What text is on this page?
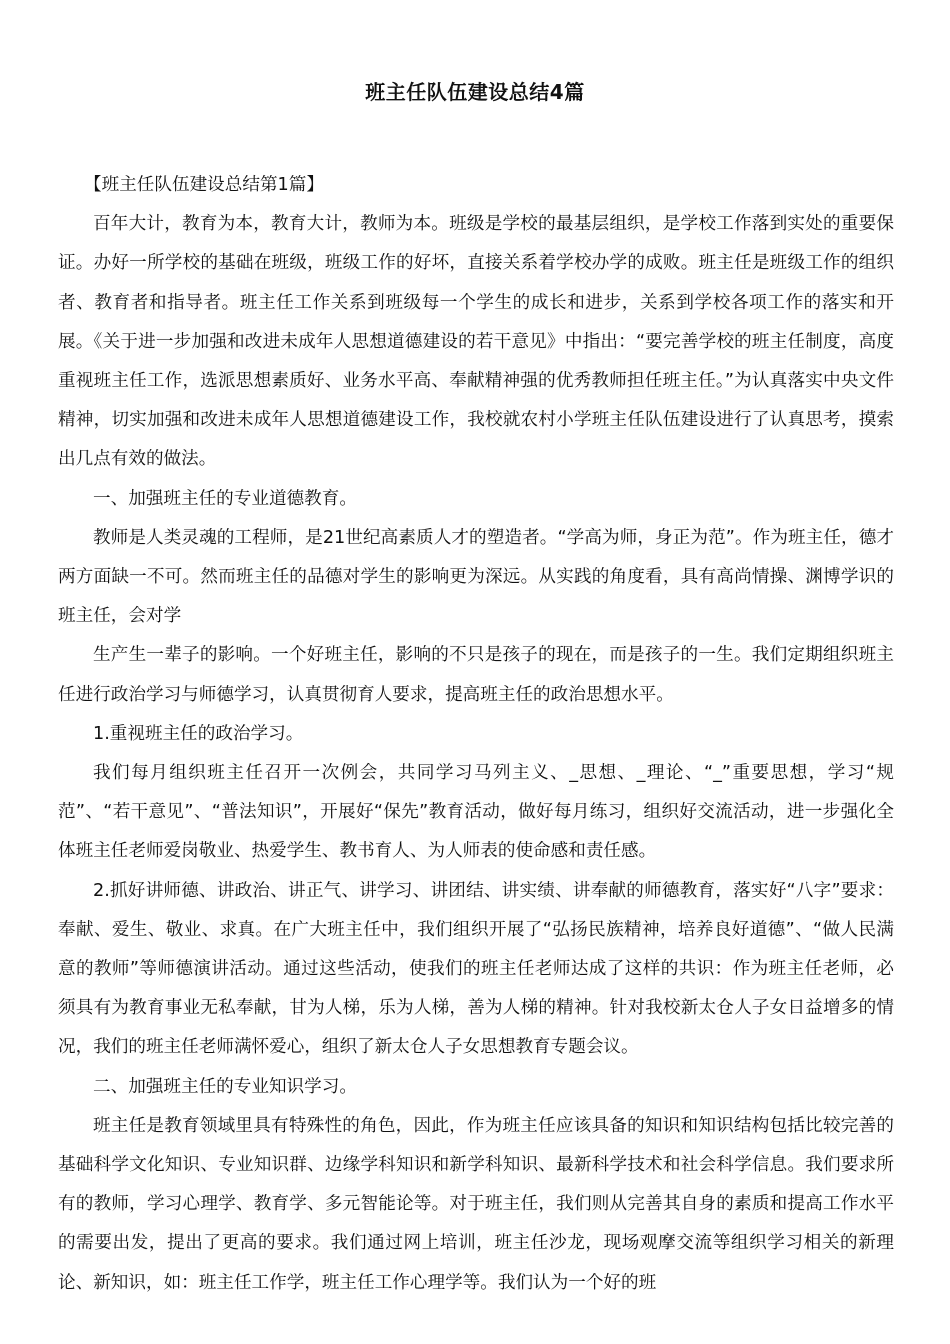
班主任队伍建设总结4篇

【班主任队伍建设总结第1篇】

百年大计，教育为本，教育大计，教师为本。班级是学校的最基层组织，是学校工作落到实处的重要保证。办好一所学校的基础在班级，班级工作的好坏，直接关系着学校办学的成败。班主任是班级工作的组织者、教育者和指导者。班主任工作关系到班级每一个学生的成长和进步，关系到学校各项工作的落实和开展。《关于进一步加强和改进未成年人思想道德建设的若干意见》中指出：“要完善学校的班主任制度，高度重视班主任工作，选派思想素质好、业务水平高、奉献精神强的优秀教师担任班主任。”为认真落实中央文件精神，切实加强和改进未成年人思想道德建设工作，我校就农村小学班主任队伍建设进行了认真思考，摸索出几点有效的做法。

一、加强班主任的专业道德教育。

教师是人类灵魂的工程师，是21世纪高素质人才的塑造者。“学高为师，身正为范”。作为班主任，德才两方面缺一不可。然而班主任的品德对学生的影响更为深远。从实践的角度看，具有高尚情操、渊博学识的班主任，会对学

生产生一辈子的影响。一个好班主任，影响的不只是孩子的现在，而是孩子的一生。我们定期组织班主任进行政治学习与师德学习，认真贯彻育人要求，提高班主任的政治思想水平。

1.重视班主任的政治学习。

我们每月组织班主任召开一次例会，共同学习马列主义、_思想、_理论、“_”重要思想，学习“规范”、“若干意见”、“普法知识”，开展好“保先”教育活动，做好每月练习，组织好交流活动，进一步强化全体班主任老师爱岗敬业、热爱学生、教书育人、为人师表的使命感和责任感。

2.抓好讲师德、讲政治、讲正气、讲学习、讲团结、讲实绩、讲奉献的师德教育，落实好“八字”要求：奉献、爱生、敬业、求真。在广大班主任中，我们组织开展了“弘扬民族精神，培养良好道德”、“做人民满意的教师”等师德演讲活动。通过这些活动，使我们的班主任老师达成了这样的共识：作为班主任老师，必须具有为教育事业无私奉献，甘为人梯，乐为人梯，善为人梯的精神。针对我校新太仓人子女日益增多的情况，我们的班主任老师满怀爱心，组织了新太仓人子女思想教育专题会议。

二、加强班主任的专业知识学习。

班主任是教育领域里具有特殊性的角色，因此，作为班主任应该具备的知识和知识结构包括比较完善的基础科学文化知识、专业知识群、边缘学科知识和新学科知识、最新科学技术和社会科学信息。我们要求所有的教师，学习心理学、教育学、多元智能论等。对于班主任，我们则从完善其自身的素质和提高工作水平的需要出发，提出了更高的要求。我们通过网上培训，班主任沙龙，现场观摩交流等组织学习相关的新理论、新知识，如：班主任工作学，班主任工作心理学等。我们认为一个好的班
